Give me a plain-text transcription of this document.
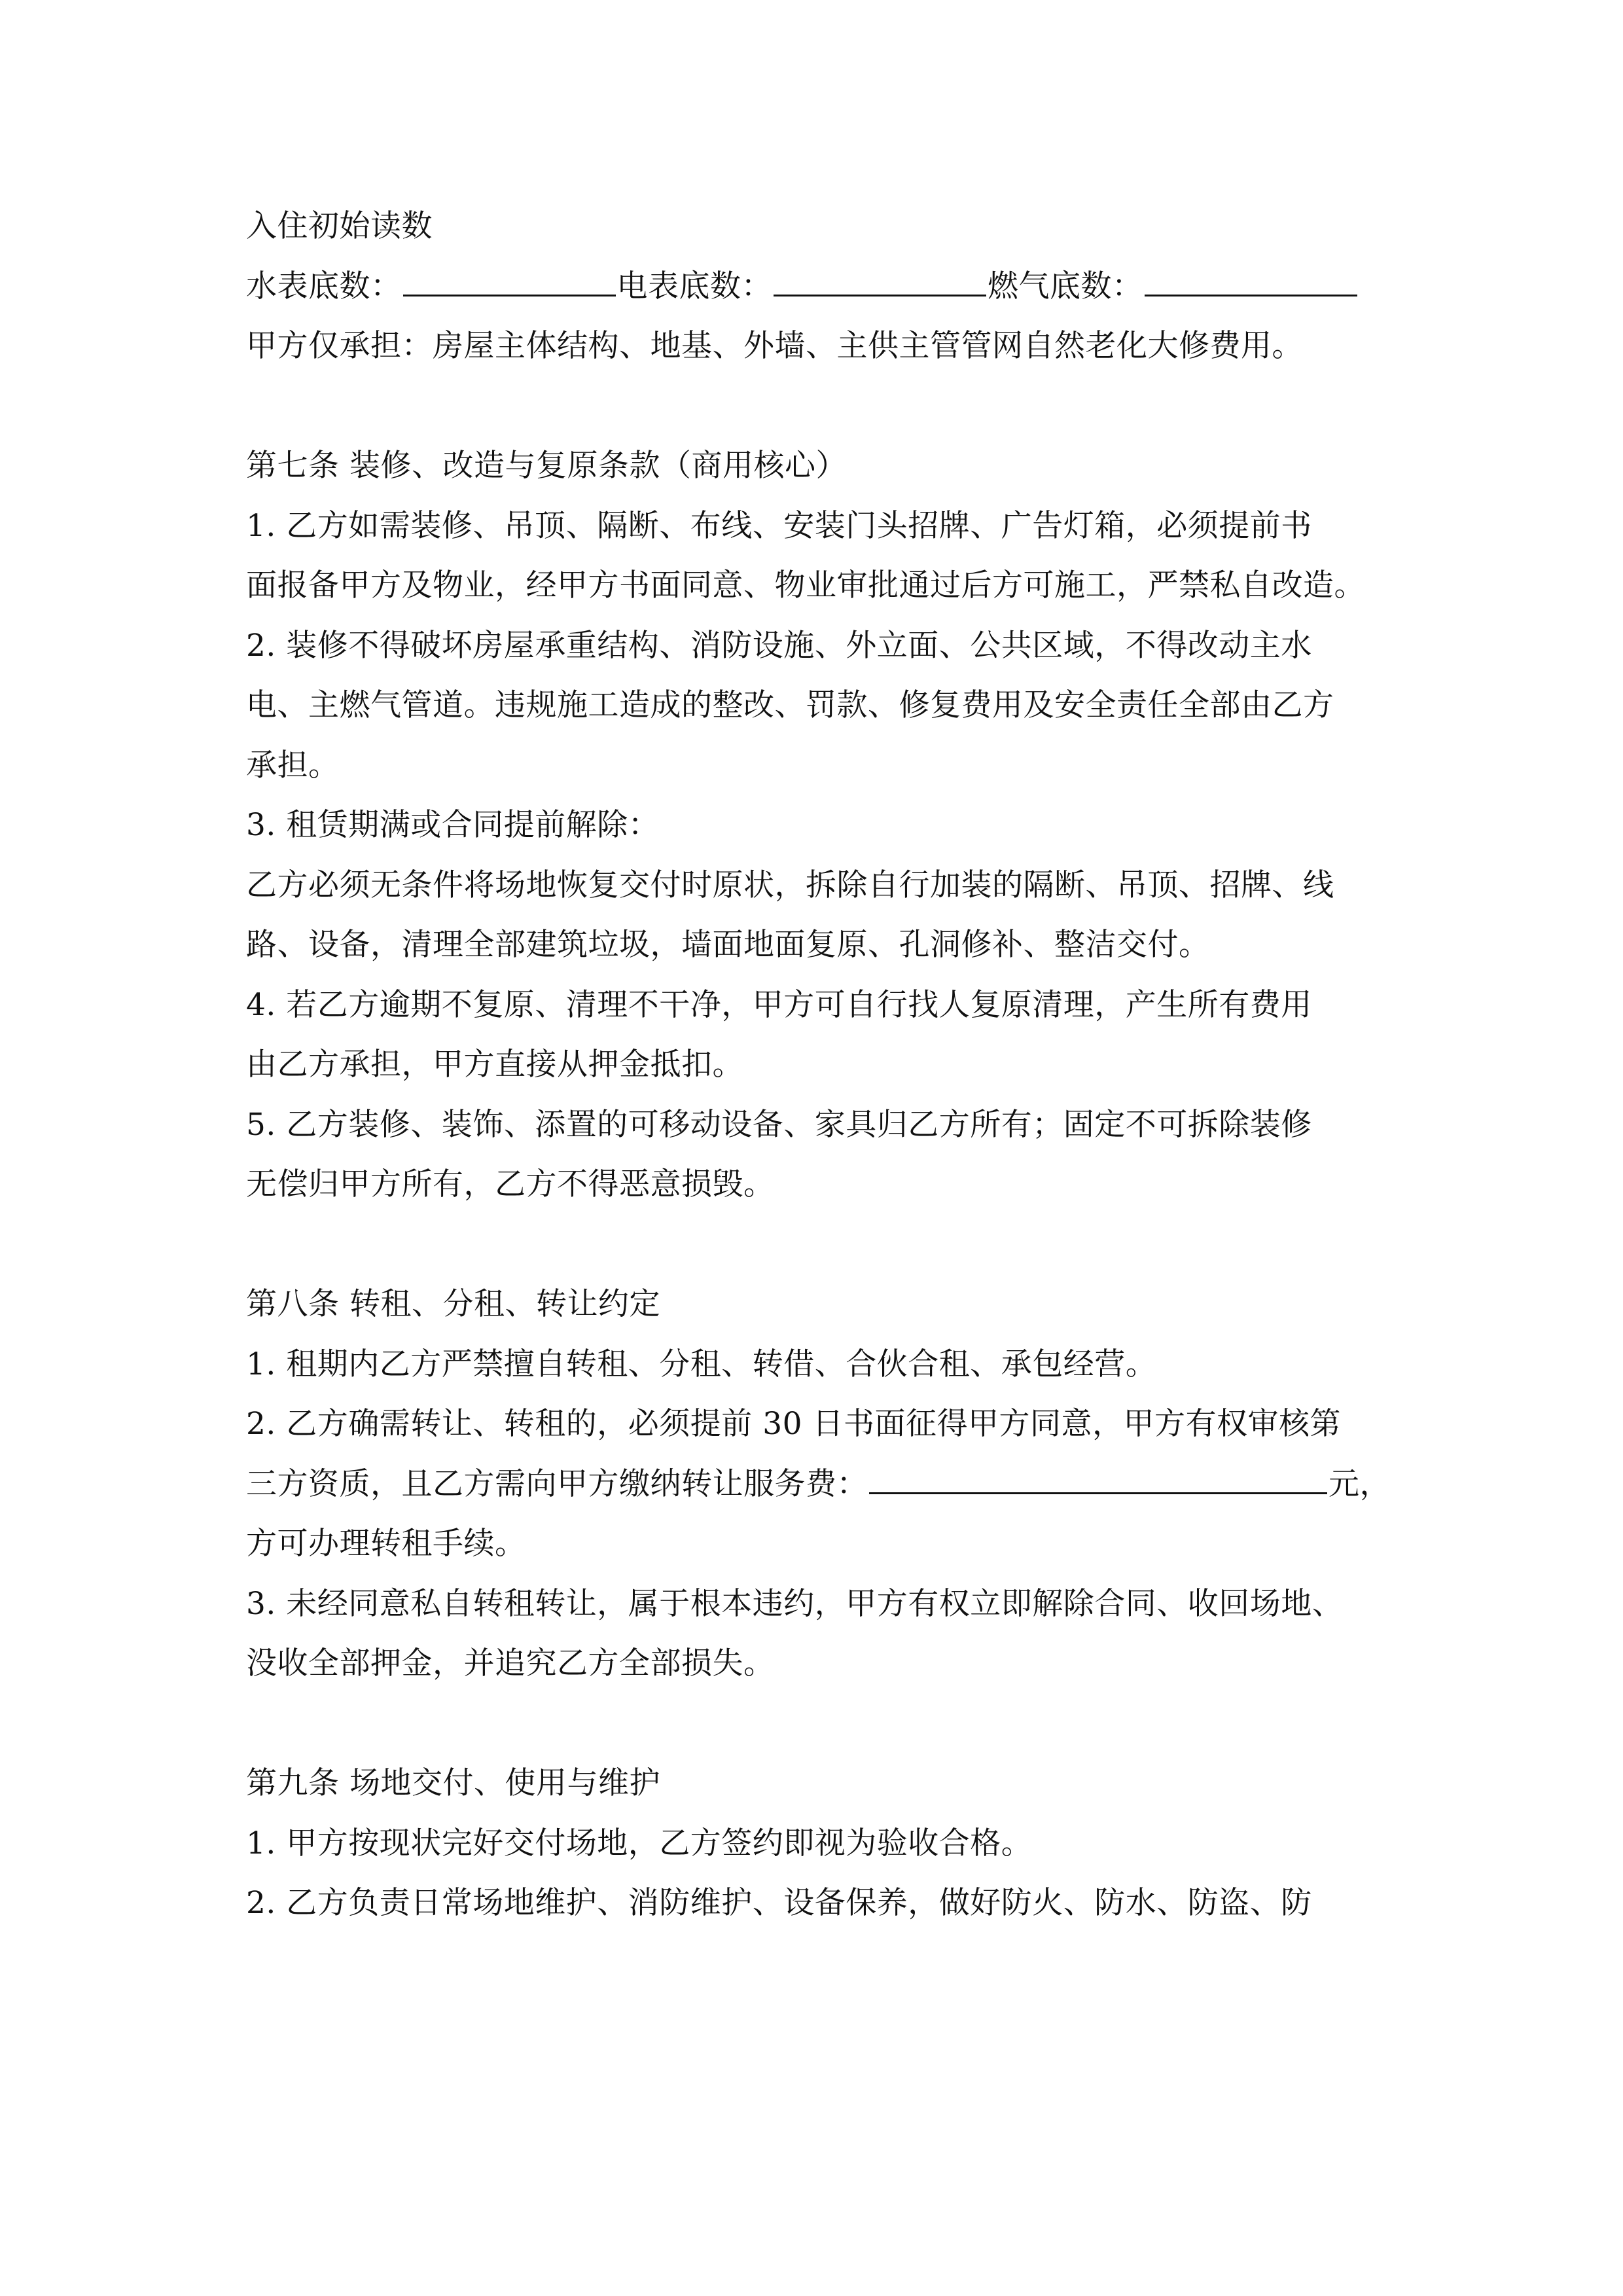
入住初始读数
水表底数：	电表底数：	燃气底数：
甲方仅承担：房屋主体结构、地基、外墙、主供主管管网自然老化大修费用。
第七条 装修、改造与复原条款（商用核心）
1. 乙方如需装修、吊顶、隔断、布线、安装门头招牌、广告灯箱，必须提前书
面报备甲方及物业，经甲方书面同意、物业审批通过后方可施工，严禁私自改造。
2. 装修不得破坏房屋承重结构、消防设施、外立面、公共区域，不得改动主水
电、主燃气管道。违规施工造成的整改、罚款、修复费用及安全责任全部由乙方
承担。
3. 租赁期满或合同提前解除：
乙方必须无条件将场地恢复交付时原状，拆除自行加装的隔断、吊顶、招牌、线
路、设备，清理全部建筑垃圾，墙面地面复原、孔洞修补、整洁交付。
4. 若乙方逾期不复原、清理不干净，甲方可自行找人复原清理，产生所有费用
由乙方承担，甲方直接从押金抵扣。
5. 乙方装修、装饰、添置的可移动设备、家具归乙方所有；固定不可拆除装修
无偿归甲方所有，乙方不得恶意损毁。
第八条 转租、分租、转让约定
1. 租期内乙方严禁擅自转租、分租、转借、合伙合租、承包经营。
2. 乙方确需转让、转租的，必须提前 30 日书面征得甲方同意，甲方有权审核第
三方资质，且乙方需向甲方缴纳转让服务费：	元，
方可办理转租手续。
3. 未经同意私自转租转让，属于根本违约，甲方有权立即解除合同、收回场地、
没收全部押金，并追究乙方全部损失。
第九条 场地交付、使用与维护
1. 甲方按现状完好交付场地，乙方签约即视为验收合格。
2. 乙方负责日常场地维护、消防维护、设备保养，做好防火、防水、防盗、防
